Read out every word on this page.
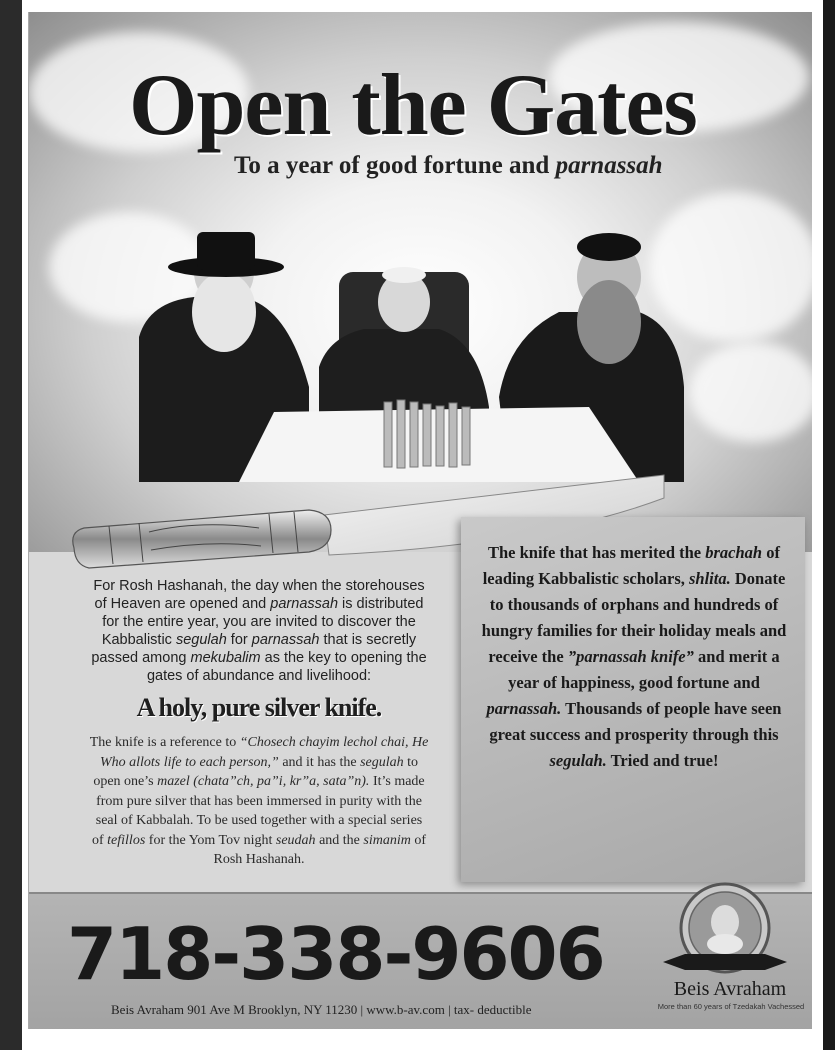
Open the Gates
To a year of good fortune and parnassah

For Rosh Hashanah, the day when the storehouses of Heaven are opened and parnassah is distributed for the entire year, you are invited to discover the Kabbalistic segulah for parnassah that is secretly passed among mekubalim as the key to opening the gates of abundance and livelihood:

A holy, pure silver knife.

The knife is a reference to “Chosech chayim lechol chai, He Who allots life to each person,” and it has the segulah to open one’s mazel (chata”ch, pa”i, kr”a, sata”n). It’s made from pure silver that has been immersed in purity with the seal of Kabbalah. To be used together with a special series of tefillos for the Yom Tov night seudah and the simanim of Rosh Hashanah.

The knife that has merited the brachah of leading Kabbalistic scholars, shlita. Donate to thousands of orphans and hundreds of hungry families for their holiday meals and receive the ”parnassah knife” and merit a year of happiness, good fortune and parnassah. Thousands of people have seen great success and prosperity through this segulah. Tried and true!
718-338-9606
Beis Avraham 901 Ave M Brooklyn, NY 11230 | www.b-av.com | tax- deductible
Beis Avraham
More than 60 years of Tzedakah Vachessed
